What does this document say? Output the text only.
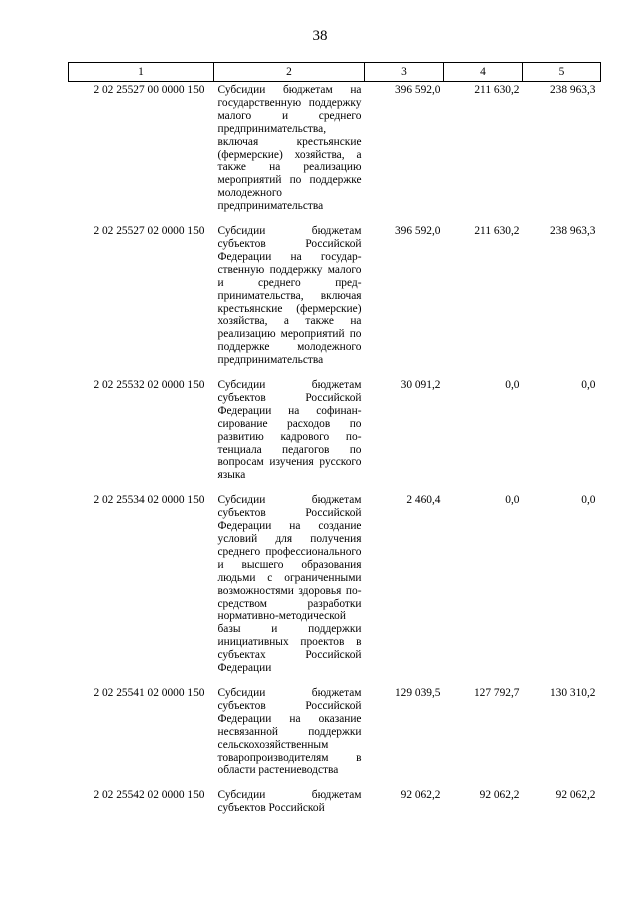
38
1	2	3	4	5
2 02 25527 00 0000 150	Субсидии бюджетам на государственную поддержку малого и среднего предпринимательства, включая крестьянские (фермерские) хозяйства, а также на реализацию мероприятий по поддержке молодежного предпринимательства	396 592,0	211 630,2	238 963,3
2 02 25527 02 0000 150	Субсидии бюджетам субъектов Российской Федерации на государственную поддержку малого и среднего предпринимательства, включая крестьянские (фермерские) хозяйства, а также на реализацию мероприятий по поддержке молодежного предпринимательства	396 592,0	211 630,2	238 963,3
2 02 25532 02 0000 150	Субсидии бюджетам субъектов Российской Федерации на софинансирование расходов по развитию кадрового потенциала педагогов по вопросам изучения русского языка	30 091,2	0,0	0,0
2 02 25534 02 0000 150	Субсидии бюджетам субъектов Российской Федерации на создание условий для получения среднего профессионального и высшего образования людьми с ограниченными возможностями здоровья посредством разработки нормативно-методической базы и поддержки инициативных проектов в субъектах Российской Федерации	2 460,4	0,0	0,0
2 02 25541 02 0000 150	Субсидии бюджетам субъектов Российской Федерации на оказание несвязанной поддержки сельскохозяйственным товаропроизводителям в области растениеводства	129 039,5	127 792,7	130 310,2
2 02 25542 02 0000 150	Субсидии бюджетам субъектов Российской	92 062,2	92 062,2	92 062,2
